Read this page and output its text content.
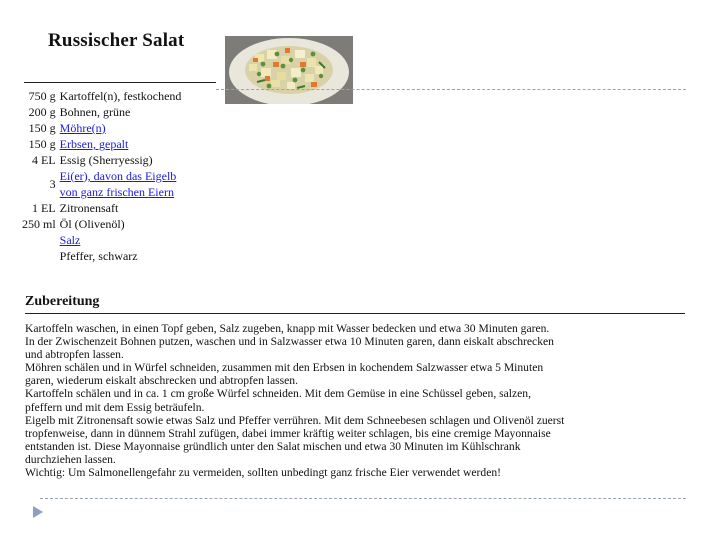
Russischer Salat
750 g	Kartoffel(n), festkochend
200 g	Bohnen, grüne
150 g	Möhre(n)
150 g	Erbsen, gepalt
4 EL	Essig (Sherryessig)
3	Ei(er), davon das Eigelb
von ganz frischen Eiern
1 EL	Zitronensaft
250 ml	Öl (Olivenöl)
	Salz
	Pfeffer, schwarz
Zubereitung

Kartoffeln waschen, in einen Topf geben, Salz zugeben, knapp mit Wasser bedecken und etwa 30 Minuten garen.

In der Zwischenzeit Bohnen putzen, waschen und in Salzwasser etwa 10 Minuten garen, dann eiskalt abschrecken

und abtropfen lassen.

Möhren schälen und in Würfel schneiden, zusammen mit den Erbsen in kochendem Salzwasser etwa 5 Minuten

garen, wiederum eiskalt abschrecken und abtropfen lassen.

Kartoffeln schälen und in ca. 1 cm große Würfel schneiden. Mit dem Gemüse in eine Schüssel geben, salzen,

pfeffern und mit dem Essig beträufeln.

Eigelb mit Zitronensaft sowie etwas Salz und Pfeffer verrühren. Mit dem Schneebesen schlagen und Olivenöl zuerst

tropfenweise, dann in dünnem Strahl zufügen, dabei immer kräftig weiter schlagen, bis eine cremige Mayonnaise

entstanden ist. Diese Mayonnaise gründlich unter den Salat mischen und etwa 30 Minuten im Kühlschrank

durchziehen lassen.

Wichtig: Um Salmonellengefahr zu vermeiden, sollten unbedingt ganz frische Eier verwendet werden!
